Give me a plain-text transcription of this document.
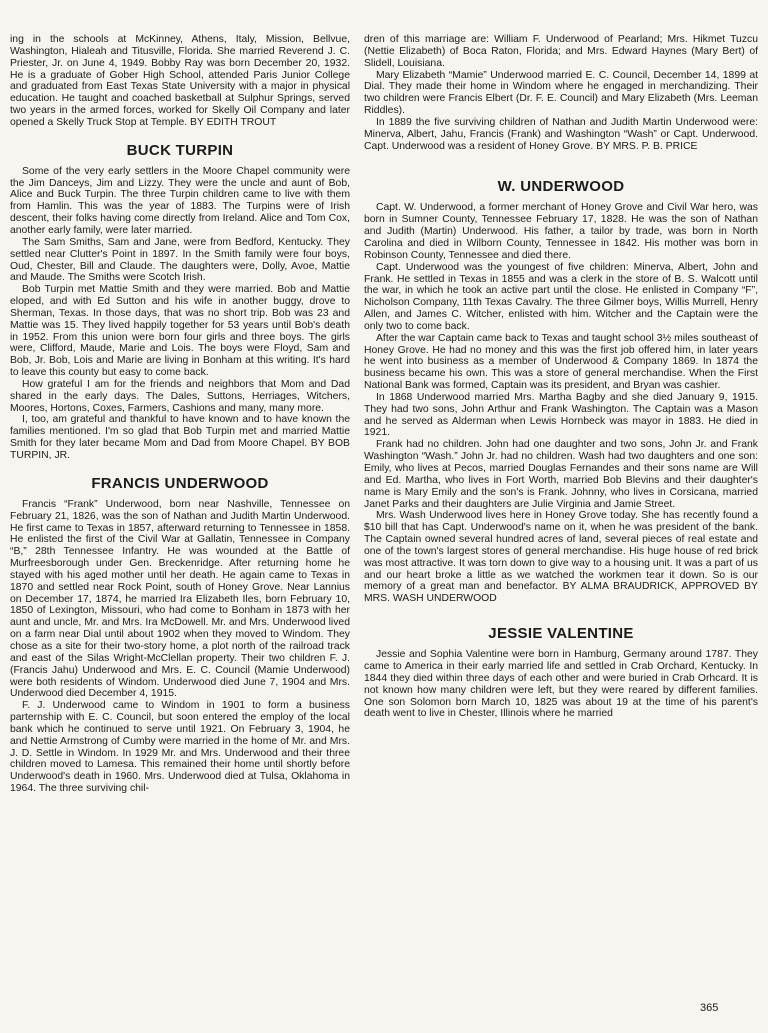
ing in the schools at McKinney, Athens, Italy, Mission, Bellvue, Washington, Hialeah and Titusville, Florida. She married Reverend J. C. Priester, Jr. on June 4, 1949. Bobby Ray was born December 20, 1932. He is a graduate of Gober High School, attended Paris Junior College and graduated from East Texas State University with a major in physical education. He taught and coached basketball at Sulphur Springs, served two years in the armed forces, worked for Skelly Oil Company and later opened a Skelly Truck Stop at Temple. BY EDITH TROUT

BUCK TURPIN

Some of the very early settlers in the Moore Chapel community were the Jim Danceys, Jim and Lizzy. They were the uncle and aunt of Bob, Alice and Buck Turpin. The three Turpin children came to live with them from Hamlin. This was the year of 1883. The Turpins were of Irish descent, their folks having come directly from Ireland. Alice and Tom Cox, another early family, were later married.

The Sam Smiths, Sam and Jane, were from Bedford, Kentucky. They settled near Clutter's Point in 1897. In the Smith family were four boys, Oud, Chester, Bill and Claude. The daughters were, Dolly, Avoe, Mattie and Maude. The Smiths were Scotch Irish.

Bob Turpin met Mattie Smith and they were married. Bob and Mattie eloped, and with Ed Sutton and his wife in another buggy, drove to Sherman, Texas. In those days, that was no short trip. Bob was 23 and Mattie was 15. They lived happily together for 53 years until Bob's death in 1952. From this union were born four girls and three boys. The girls were, Clifford, Maude, Marie and Lois. The boys were Floyd, Sam and Bob, Jr. Bob, Lois and Marie are living in Bonham at this writing. It's hard to leave this county but easy to come back.

How grateful I am for the friends and neighbors that Mom and Dad shared in the early days. The Dales, Suttons, Herriages, Witchers, Moores, Hortons, Coxes, Farmers, Cashions and many, many more.

I, too, am grateful and thankful to have known and to have known the families mentioned. I'm so glad that Bob Turpin met and married Mattie Smith for they later became Mom and Dad from Moore Chapel. BY BOB TURPIN, JR.

FRANCIS UNDERWOOD

Francis “Frank” Underwood, born near Nashville, Tennessee on February 21, 1826, was the son of Nathan and Judith Martin Underwood. He first came to Texas in 1857, afterward returning to Tennessee in 1858. He enlisted the first of the Civil War at Gallatin, Tennessee in Company “B,” 28th Tennessee Infantry. He was wounded at the Battle of Murfreesborough under Gen. Breckenridge. After returning home he stayed with his aged mother until her death. He again came to Texas in 1870 and settled near Rock Point, south of Honey Grove. Near Lannius on December 17, 1874, he married Ira Elizabeth Iles, born February 10, 1850 of Lexington, Missouri, who had come to Bonham in 1873 with her aunt and uncle, Mr. and Mrs. Ira McDowell. Mr. and Mrs. Underwood lived on a farm near Dial until about 1902 when they moved to Windom. They chose as a site for their two-story home, a plot north of the railroad track and east of the Silas Wright-McClellan property. Their two children F. J. (Francis Jahu) Underwood and Mrs. E. C. Council (Mamie Underwood) were both residents of Windom. Underwood died June 7, 1904 and Mrs. Underwood died December 4, 1915.

F. J. Underwood came to Windom in 1901 to form a business parternship with E. C. Council, but soon entered the employ of the local bank which he continued to serve until 1921. On February 3, 1904, he and Nettie Armstrong of Cumby were married in the home of Mr. and Mrs. J. D. Settle in Windom. In 1929 Mr. and Mrs. Underwood and their three children moved to Lamesa. This remained their home until shortly before Underwood's death in 1960. Mrs. Underwood died at Tulsa, Oklahoma in 1964. The three surviving chil-

dren of this marriage are: William F. Underwood of Pearland; Mrs. Hikmet Tuzcu (Nettie Elizabeth) of Boca Raton, Florida; and Mrs. Edward Haynes (Mary Bert) of Slidell, Louisiana.

Mary Elizabeth “Mamie” Underwood married E. C. Council, December 14, 1899 at Dial. They made their home in Windom where he engaged in merchandizing. Their two children were Francis Elbert (Dr. F. E. Council) and Mary Elizabeth (Mrs. Leeman Riddles).

In 1889 the five surviving children of Nathan and Judith Martin Underwood were: Minerva, Albert, Jahu, Francis (Frank) and Washington “Wash” or Capt. Underwood. Capt. Underwood was a resident of Honey Grove. BY MRS. P. B. PRICE

W. UNDERWOOD

Capt. W. Underwood, a former merchant of Honey Grove and Civil War hero, was born in Sumner County, Tennessee February 17, 1828. He was the son of Nathan and Judith (Martin) Underwood. His father, a tailor by trade, was born in North Carolina and died in Wilborn County, Tennessee in 1842. His mother was born in Robinson County, Tennessee and died there.

Capt. Underwood was the youngest of five children: Minerva, Albert, John and Frank. He settled in Texas in 1855 and was a clerk in the store of B. S. Walcott until the war, in which he took an active part until the close. He enlisted in Company “F”, Nicholson Company, 11th Texas Cavalry. The three Gilmer boys, Willis Murrell, Henry Allen, and James C. Witcher, enlisted with him. Witcher and the Captain were the only two to come back.

After the war Captain came back to Texas and taught school 3½ miles southeast of Honey Grove. He had no money and this was the first job offered him, in later years he went into business as a member of Underwood & Company 1869. In 1874 the business became his own. This was a store of general merchandise. When the First National Bank was formed, Captain was its president, and Bryan was cashier.

In 1868 Underwood married Mrs. Martha Bagby and she died January 9, 1915. They had two sons, John Arthur and Frank Washington. The Captain was a Mason and he served as Alderman when Lewis Hornbeck was mayor in 1883. He died in 1921.

Frank had no children. John had one daughter and two sons, John Jr. and Frank Washington “Wash.” John Jr. had no children. Wash had two daughters and one son: Emily, who lives at Pecos, married Douglas Fernandes and their sons name are Will and Ed. Martha, who lives in Fort Worth, married Bob Blevins and their daughter's name is Mary Emily and the son's is Frank. Johnny, who lives in Corsicana, married Janet Parks and their daughters are Julie Virginia and Jamie Street.

Mrs. Wash Underwood lives here in Honey Grove today. She has recently found a $10 bill that has Capt. Underwood's name on it, when he was president of the bank. The Captain owned several hundred acres of land, several pieces of real estate and one of the town's largest stores of general merchandise. His huge house of red brick was most attractive. It was torn down to give way to a housing unit. It was a part of us and our heart broke a little as we watched the workmen tear it down. So is our memory of a great man and benefactor. BY ALMA BRAUDRICK, APPROVED BY MRS. WASH UNDERWOOD

JESSIE VALENTINE

Jessie and Sophia Valentine were born in Hamburg, Germany around 1787. They came to America in their early married life and settled in Crab Orchard, Kentucky. In 1844 they died within three days of each other and were buried in Crab Orhcard. It is not known how many children were left, but they were reared by different families. One son Solomon born March 10, 1825 was about 19 at the time of his parent's death went to live in Chester, Illinois where he married

365
